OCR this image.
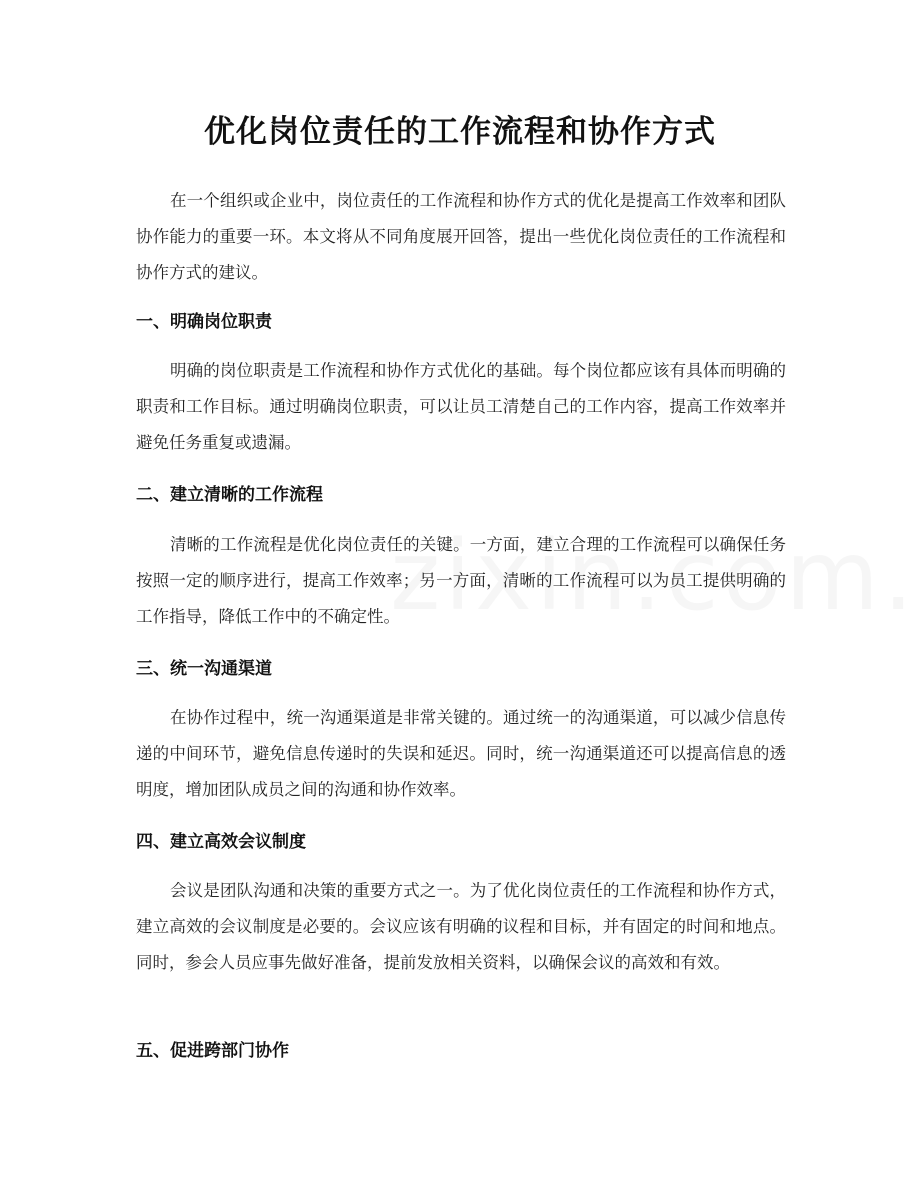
优化岗位责任的工作流程和协作方式
在一个组织或企业中，岗位责任的工作流程和协作方式的优化是提高工作效率和团队协作能力的重要一环。本文将从不同角度展开回答，提出一些优化岗位责任的工作流程和协作方式的建议。
一、明确岗位职责
明确的岗位职责是工作流程和协作方式优化的基础。每个岗位都应该有具体而明确的职责和工作目标。通过明确岗位职责，可以让员工清楚自己的工作内容，提高工作效率并避免任务重复或遗漏。
二、建立清晰的工作流程
清晰的工作流程是优化岗位责任的关键。一方面，建立合理的工作流程可以确保任务按照一定的顺序进行，提高工作效率；另一方面，清晰的工作流程可以为员工提供明确的工作指导，降低工作中的不确定性。
三、统一沟通渠道
在协作过程中，统一沟通渠道是非常关键的。通过统一的沟通渠道，可以减少信息传递的中间环节，避免信息传递时的失误和延迟。同时，统一沟通渠道还可以提高信息的透明度，增加团队成员之间的沟通和协作效率。
四、建立高效会议制度
会议是团队沟通和决策的重要方式之一。为了优化岗位责任的工作流程和协作方式，建立高效的会议制度是必要的。会议应该有明确的议程和目标，并有固定的时间和地点。同时，参会人员应事先做好准备，提前发放相关资料，以确保会议的高效和有效。
五、促进跨部门协作
